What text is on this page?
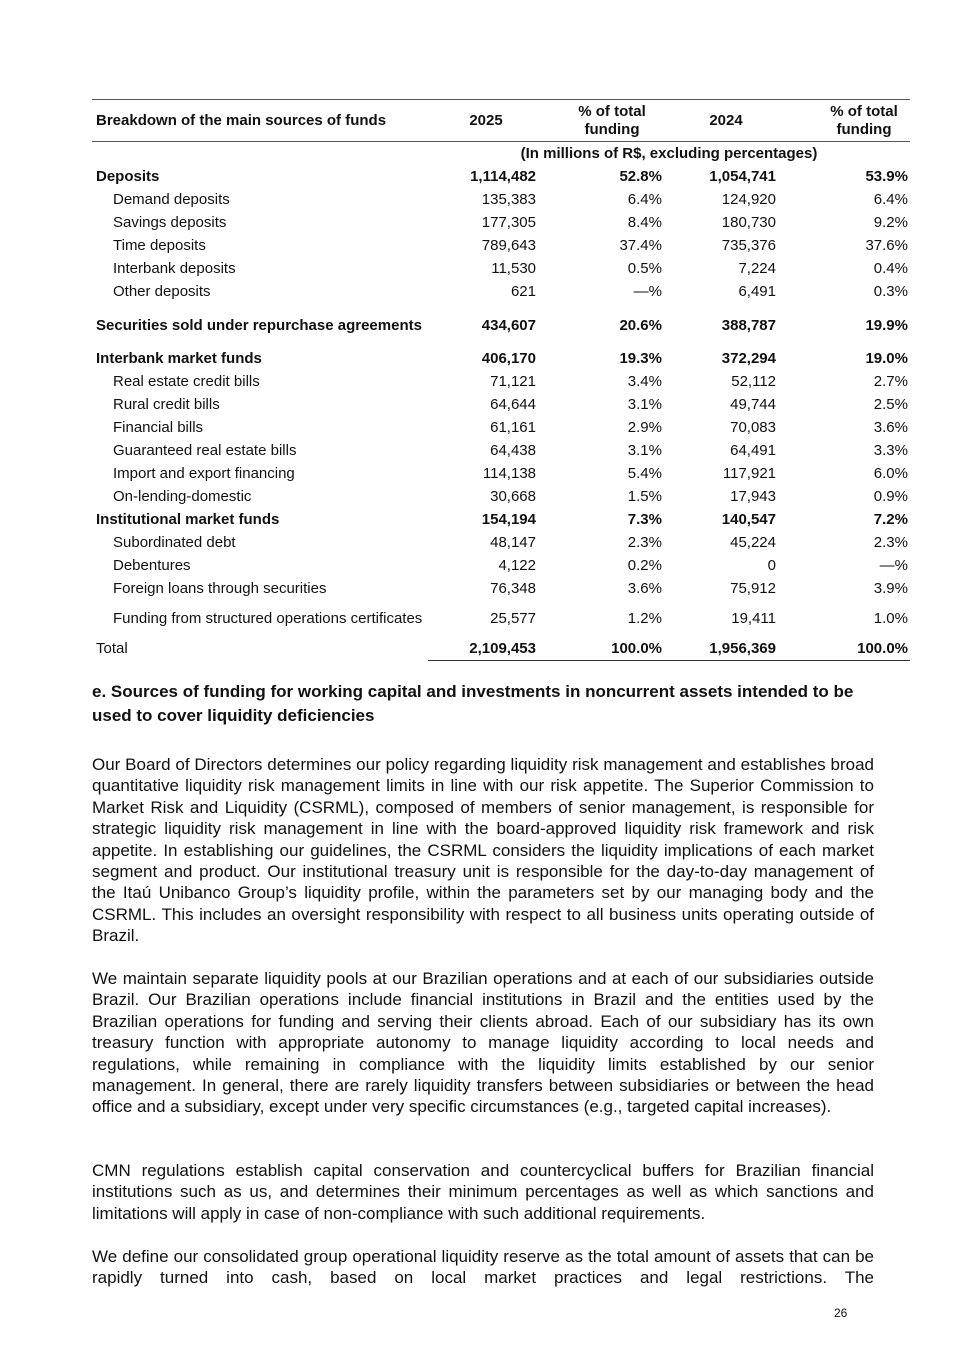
Breakdown of the main sources of funds	2025	% of total funding	2024	% of total funding
	(In millions of R$, excluding percentages)			
Deposits	1,114,482	52.8%	1,054,741	53.9%
Demand deposits	135,383	6.4%	124,920	6.4%
Savings deposits	177,305	8.4%	180,730	9.2%
Time deposits	789,643	37.4%	735,376	37.6%
Interbank deposits	11,530	0.5%	7,224	0.4%
Other deposits	621	—%	6,491	0.3%
Securities sold under repurchase agreements	434,607	20.6%	388,787	19.9%
Interbank market funds	406,170	19.3%	372,294	19.0%
Real estate credit bills	71,121	3.4%	52,112	2.7%
Rural credit bills	64,644	3.1%	49,744	2.5%
Financial bills	61,161	2.9%	70,083	3.6%
Guaranteed real estate bills	64,438	3.1%	64,491	3.3%
Import and export financing	114,138	5.4%	117,921	6.0%
On-lending-domestic	30,668	1.5%	17,943	0.9%
Institutional market funds	154,194	7.3%	140,547	7.2%
Subordinated debt	48,147	2.3%	45,224	2.3%
Debentures	4,122	0.2%	0	—%
Foreign loans through securities	76,348	3.6%	75,912	3.9%
Funding from structured operations certificates	25,577	1.2%	19,411	1.0%
Total	2,109,453	100.0%	1,956,369	100.0%
e. Sources of funding for working capital and investments in noncurrent assets intended to be used to cover liquidity deficiencies

Our Board of Directors determines our policy regarding liquidity risk management and establishes broad quantitative liquidity risk management limits in line with our risk appetite. The Superior Commission to Market Risk and Liquidity (CSRML), composed of members of senior management, is responsible for strategic liquidity risk management in line with the board-approved liquidity risk framework and risk appetite. In establishing our guidelines, the CSRML considers the liquidity implications of each market segment and product. Our institutional treasury unit is responsible for the day-to-day management of the Itaú Unibanco Group’s liquidity profile, within the parameters set by our managing body and the CSRML. This includes an oversight responsibility with respect to all business units operating outside of Brazil.

We maintain separate liquidity pools at our Brazilian operations and at each of our subsidiaries outside Brazil. Our Brazilian operations include financial institutions in Brazil and the entities used by the Brazilian operations for funding and serving their clients abroad. Each of our subsidiary has its own treasury function with appropriate autonomy to manage liquidity according to local needs and regulations, while remaining in compliance with the liquidity limits established by our senior management. In general, there are rarely liquidity transfers between subsidiaries or between the head office and a subsidiary, except under very specific circumstances (e.g., targeted capital increases).

CMN regulations establish capital conservation and countercyclical buffers for Brazilian financial institutions such as us, and determines their minimum percentages as well as which sanctions and limitations will apply in case of non-compliance with such additional requirements.

We define our consolidated group operational liquidity reserve as the total amount of assets that can be rapidly turned into cash, based on local market practices and legal restrictions. The

26
